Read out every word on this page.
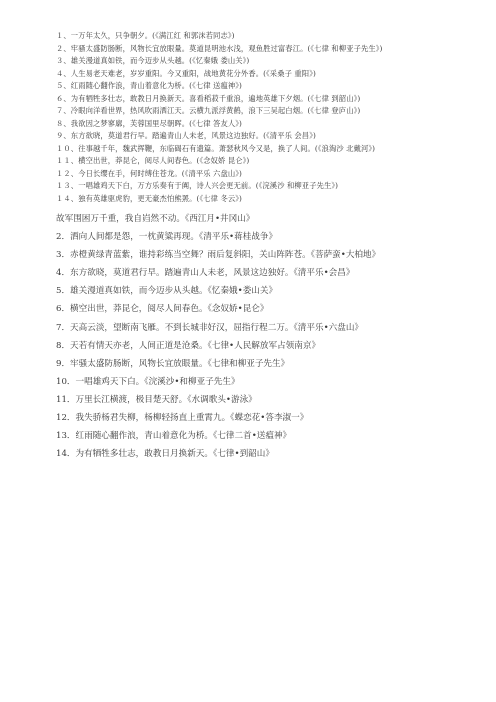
１、一万年太久，只争朝夕。(《满江红 和郭沫若同志》)

２、牢骚太盛防肠断，风物长宜放眼量。莫道昆明池水浅，观鱼胜过富春江。(《七律 和柳亚子先生》)

３、雄关漫道真如铁，而今迈步从头越。(《忆秦娥 娄山关》)

４、人生易老天难老，岁岁重阳。今又重阳，战地黄花分外香。(《采桑子 重阳》)

５、红雨随心翻作浪，青山着意化为桥。(《七律 送瘟神》)

６、为有牺牲多壮志，敢教日月换新天。喜看稻菽千重浪，遍地英雄下夕烟。(《七律 到韶山》)

７、冷眼向洋看世界，热风吹雨洒江天。云横九派浮黄鹤，浪下三吴起白烟。(《七律 登庐山》)

８、我欲因之梦寥廓，芙蓉国里尽朝晖。(《七律 答友人》)

９、东方欲晓，莫道君行早。踏遍青山人未老，风景这边独好。(《清平乐 会昌》)

１０、往事越千年，魏武挥鞭，东临碣石有遗篇。萧瑟秋风今又是，换了人间。(《浪淘沙 北戴河》)

１１、横空出世，莽昆仑，阅尽人间春色。(《念奴娇 昆仑》)

１２、今日长缨在手，何时缚住苍龙。(《清平乐 六盘山》)

１３、一唱雄鸡天下白，万方乐奏有于阗，诗人兴会更无前。(《浣溪沙 和柳亚子先生》)

１４、独有英雄驱虎豹，更无豪杰怕熊罴。(《七律 冬云》)

故军围困万千重，我自岿然不动。《西江月•井冈山》

2．洒向人间都是怨，一枕黄粱再现。《清平乐•蒋桂战争》

3．赤橙黄绿青蓝紫，谁持彩练当空舞？雨后复斜阳，关山阵阵苍。《菩萨蛮•大柏地》

4．东方欲晓，莫道君行早。踏遍青山人未老，风景这边独好。《清平乐•会昌》

5．雄关漫道真如铁，而今迈步从头越。《忆秦娥•娄山关》

6．横空出世，莽昆仑，阅尽人间春色。《念奴娇•昆仑》

7．天高云淡，望断南飞雁。不到长城非好汉，屈指行程二万。《清平乐•六盘山》

8．天若有情天亦老，人间正道是沧桑。《七律•人民解放军占领南京》

9．牢骚太盛防肠断，风物长宜放眼量。《七律和柳亚子先生》

10．一唱雄鸡天下白。《浣溪沙•和柳亚子先生》

11．万里长江横渡，极目楚天舒。《水调歌头•游泳》

12．我失骄杨君失柳，杨柳轻扬直上重霄九。《蝶恋花•答李淑一》

13．红雨随心翻作浪，青山着意化为桥。《七律二首•送瘟神》

14．为有牺牲多壮志，敢教日月换新天。《七律•到韶山》
